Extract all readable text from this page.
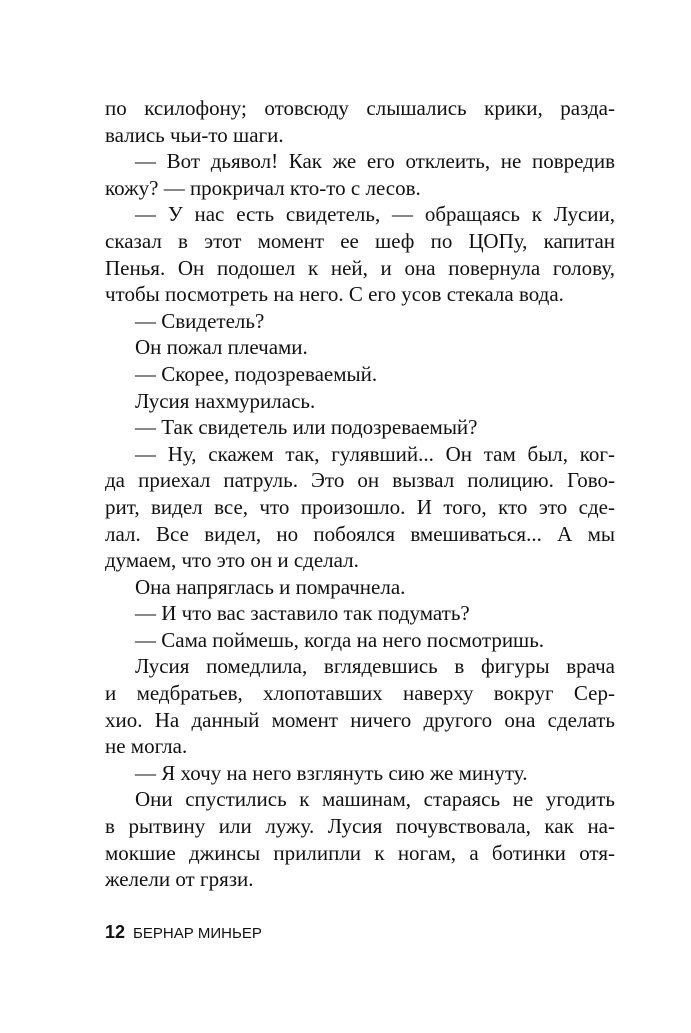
по ксилофону; отовсюду слышались крики, разда-
вались чьи-то шаги.
— Вот дьявол! Как же его отклеить, не повредив
кожу? — прокричал кто-то с лесов.
— У нас есть свидетель, — обращаясь к Лусии,
сказал в этот момент ее шеф по ЦОПу, капитан
Пенья. Он подошел к ней, и она повернула голову,
чтобы посмотреть на него. С его усов стекала вода.
— Свидетель?
Он пожал плечами.
— Скорее, подозреваемый.
Лусия нахмурилась.
— Так свидетель или подозреваемый?
— Ну, скажем так, гулявший... Он там был, ког-
да приехал патруль. Это он вызвал полицию. Гово-
рит, видел все, что произошло. И того, кто это сде-
лал. Все видел, но побоялся вмешиваться... А мы
думаем, что это он и сделал.
Она напряглась и помрачнела.
— И что вас заставило так подумать?
— Сама поймешь, когда на него посмотришь.
Лусия помедлила, вглядевшись в фигуры врача
и медбратьев, хлопотавших наверху вокруг Сер-
хио. На данный момент ничего другого она сделать
не могла.
— Я хочу на него взглянуть сию же минуту.
Они спустились к машинам, стараясь не угодить
в рытвину или лужу. Лусия почувствовала, как на-
мокшие джинсы прилипли к ногам, а ботинки отя-
желели от грязи.
12 БЕРНАР МИНЬЕР
